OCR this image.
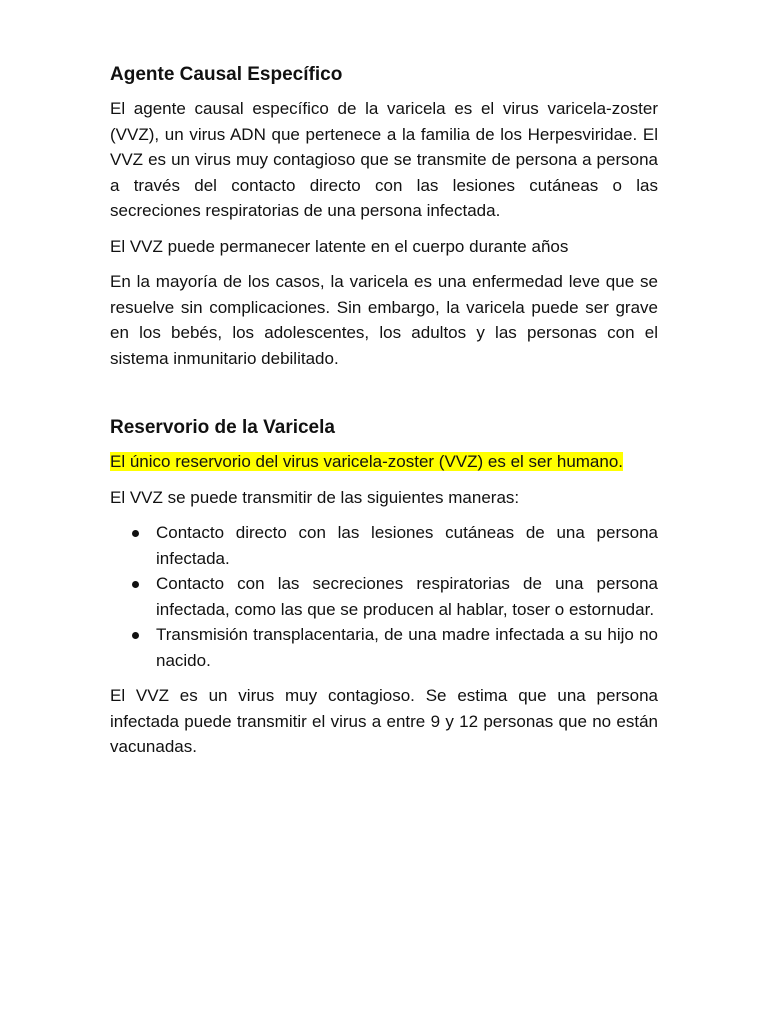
Agente Causal Específico

El agente causal específico de la varicela es el virus varicela-zoster (VVZ), un virus ADN que pertenece a la familia de los Herpesviridae. El VVZ es un virus muy contagioso que se transmite de persona a persona a través del contacto directo con las lesiones cutáneas o las secreciones respiratorias de una persona infectada.

El VVZ puede permanecer latente en el cuerpo durante años

En la mayoría de los casos, la varicela es una enfermedad leve que se resuelve sin complicaciones. Sin embargo, la varicela puede ser grave en los bebés, los adolescentes, los adultos y las personas con el sistema inmunitario debilitado.

Reservorio de la Varicela

El único reservorio del virus varicela-zoster (VVZ) es el ser humano.

El VVZ se puede transmitir de las siguientes maneras:

Contacto directo con las lesiones cutáneas de una persona infectada.
Contacto con las secreciones respiratorias de una persona infectada, como las que se producen al hablar, toser o estornudar.
Transmisión transplacentaria, de una madre infectada a su hijo no nacido.

El VVZ es un virus muy contagioso. Se estima que una persona infectada puede transmitir el virus a entre 9 y 12 personas que no están vacunadas.
